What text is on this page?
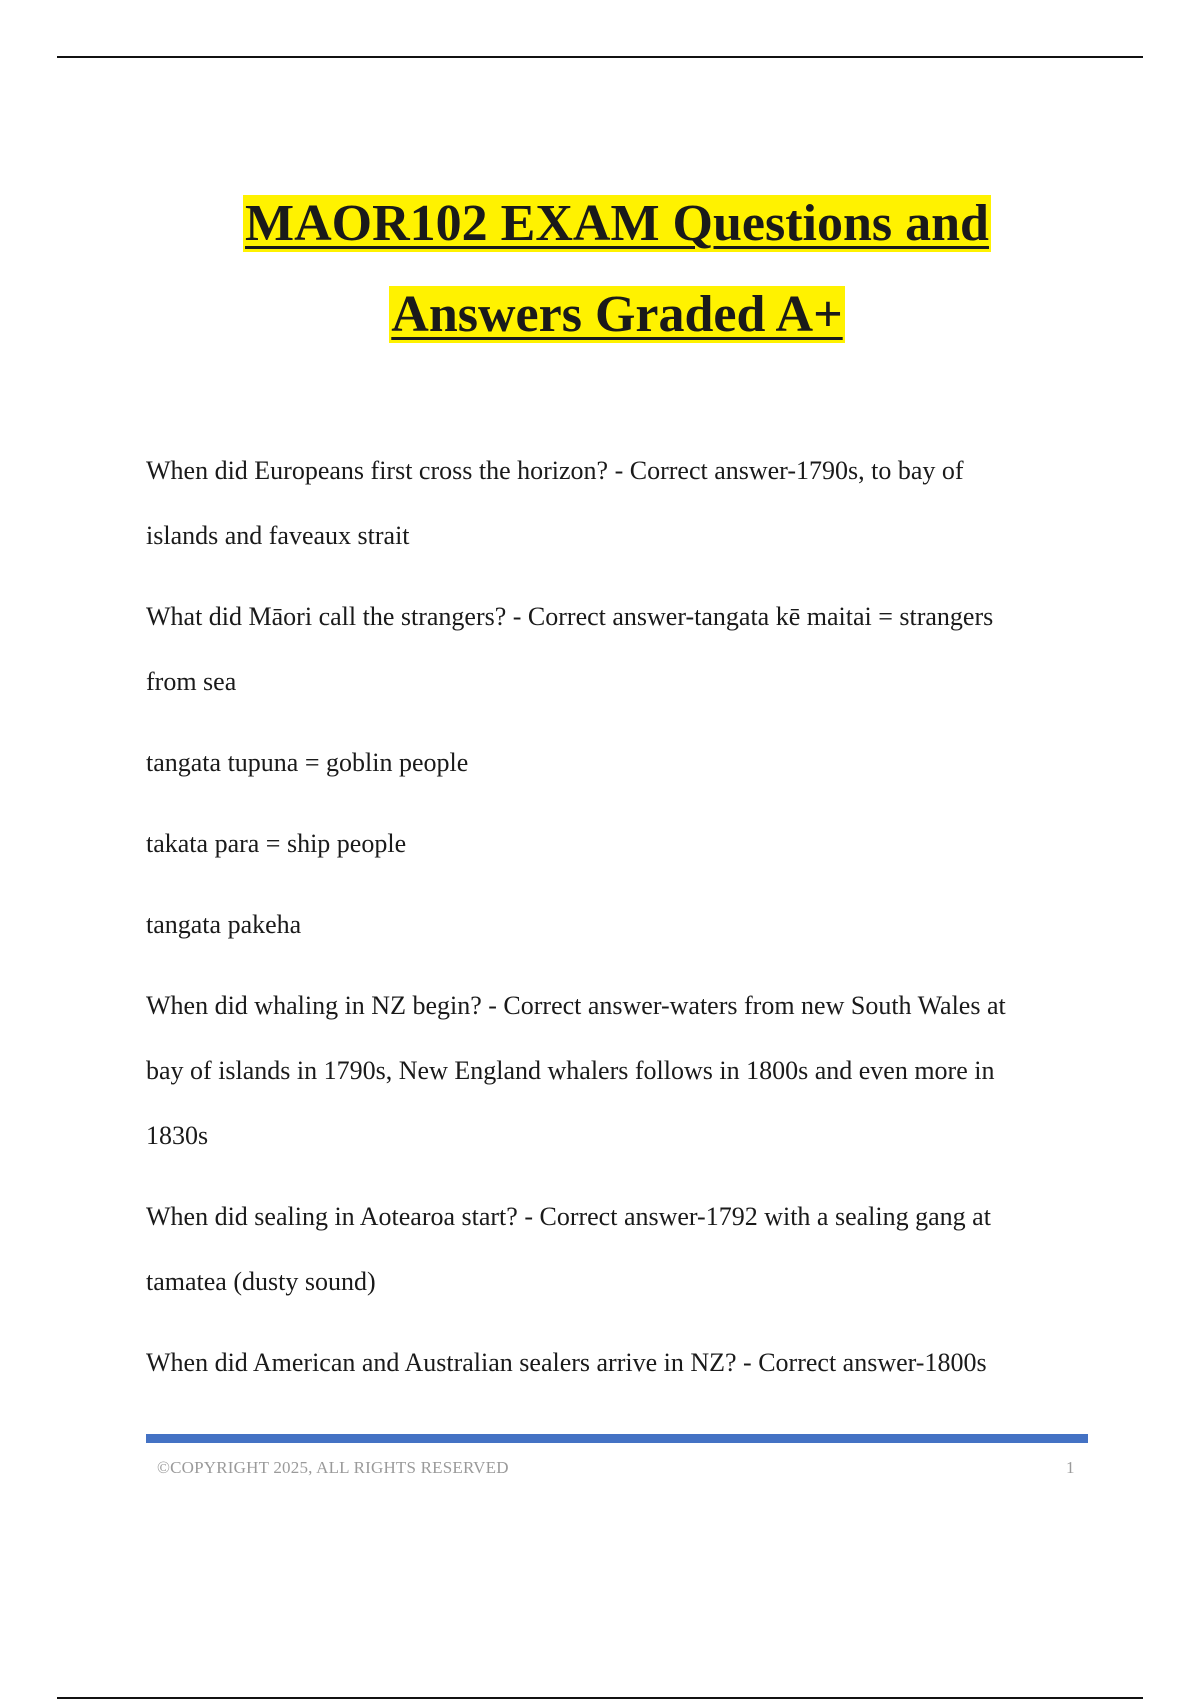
MAOR102 EXAM Questions and
Answers Graded A+

When did Europeans first cross the horizon? - Correct answer-1790s, to bay of
islands and faveaux strait

What did Māori call the strangers? - Correct answer-tangata kē maitai = strangers
from sea

tangata tupuna = goblin people

takata para = ship people

tangata pakeha

When did whaling in NZ begin? - Correct answer-waters from new South Wales at
bay of islands in 1790s, New England whalers follows in 1800s and even more in
1830s

When did sealing in Aotearoa start? - Correct answer-1792 with a sealing gang at
tamatea (dusty sound)

When did American and Australian sealers arrive in NZ? - Correct answer-1800s

©COPYRIGHT 2025, ALL RIGHTS RESERVED	1
